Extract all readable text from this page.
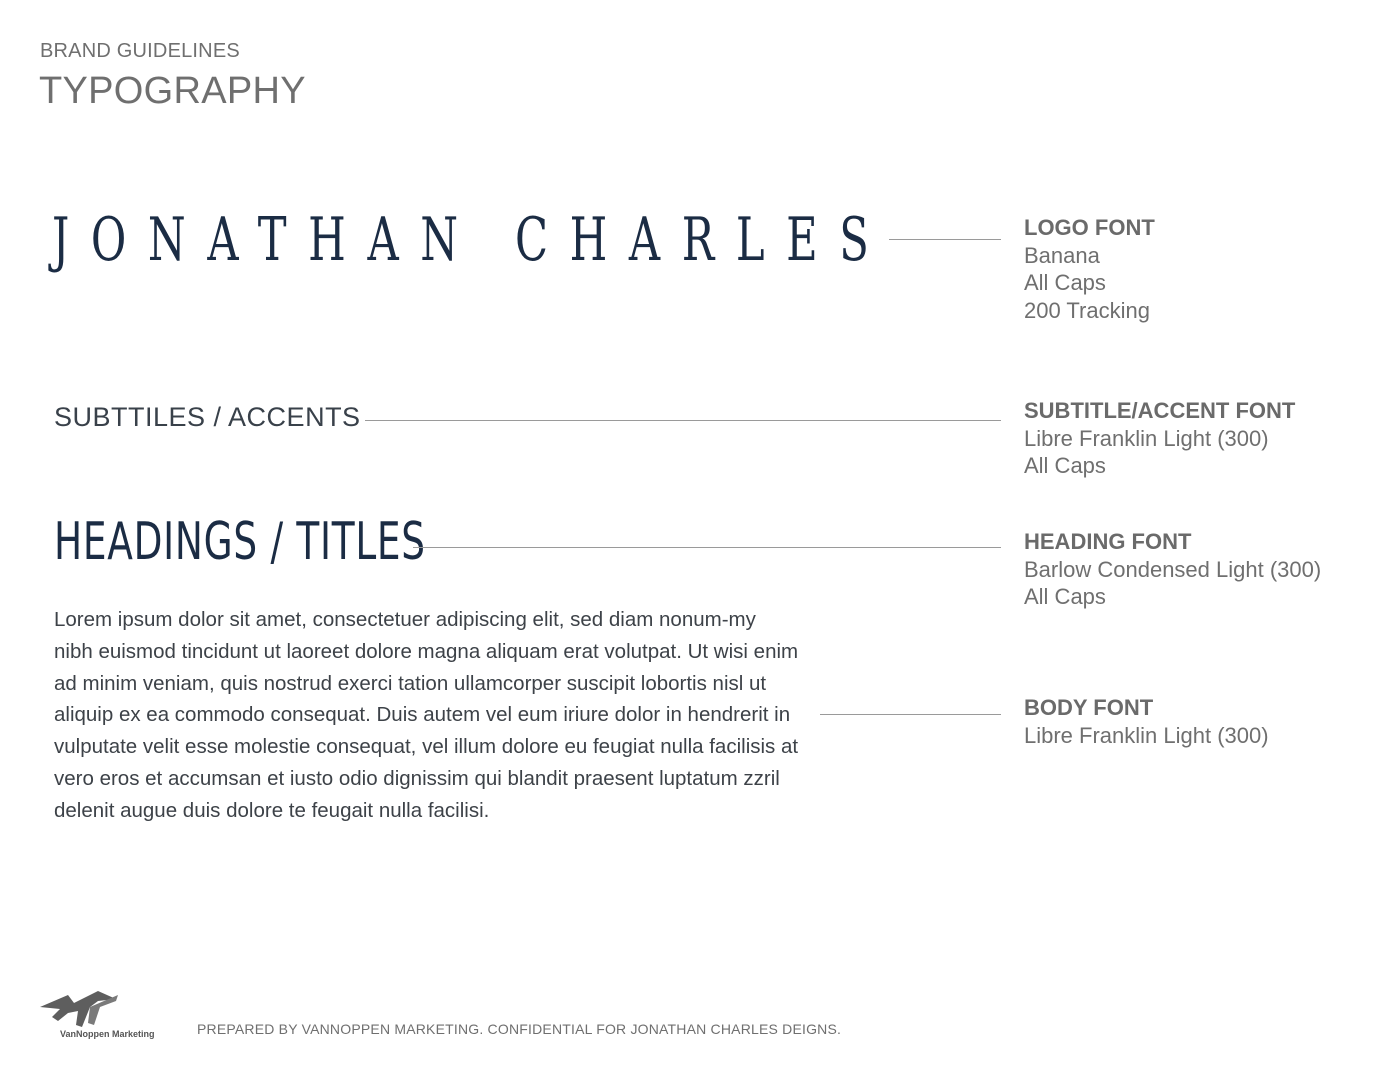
BRAND GUIDELINES
TYPOGRAPHY
JONATHAN CHARLES	LOGO FONT
Banana
All Caps
200 Tracking
SUBTTILES / ACCENTS	SUBTITLE/ACCENT FONT
Libre Franklin Light (300)
All Caps
HEADINGS / TITLES	HEADING FONT
Barlow Condensed Light (300)
All Caps

Lorem ipsum dolor sit amet, consectetuer adipiscing elit, sed diam nonum-my nibh euismod tincidunt ut laoreet dolore magna aliquam erat volutpat. Ut wisi enim ad minim veniam, quis nostrud exerci tation ullamcorper suscipit lobortis nisl ut aliquip ex ea commodo consequat. Duis autem vel eum iriure dolor in hendrerit in vulputate velit esse molestie consequat, vel illum dolore eu feugiat nulla facilisis at vero eros et accumsan et iusto odio dignissim qui blandit praesent luptatum zzril delenit augue duis dolore te feugait nulla facilisi.

BODY FONT
Libre Franklin Light (300)
VanNoppen Marketing	PREPARED BY VANNOPPEN MARKETING. CONFIDENTIAL FOR JONATHAN CHARLES DEIGNS.
